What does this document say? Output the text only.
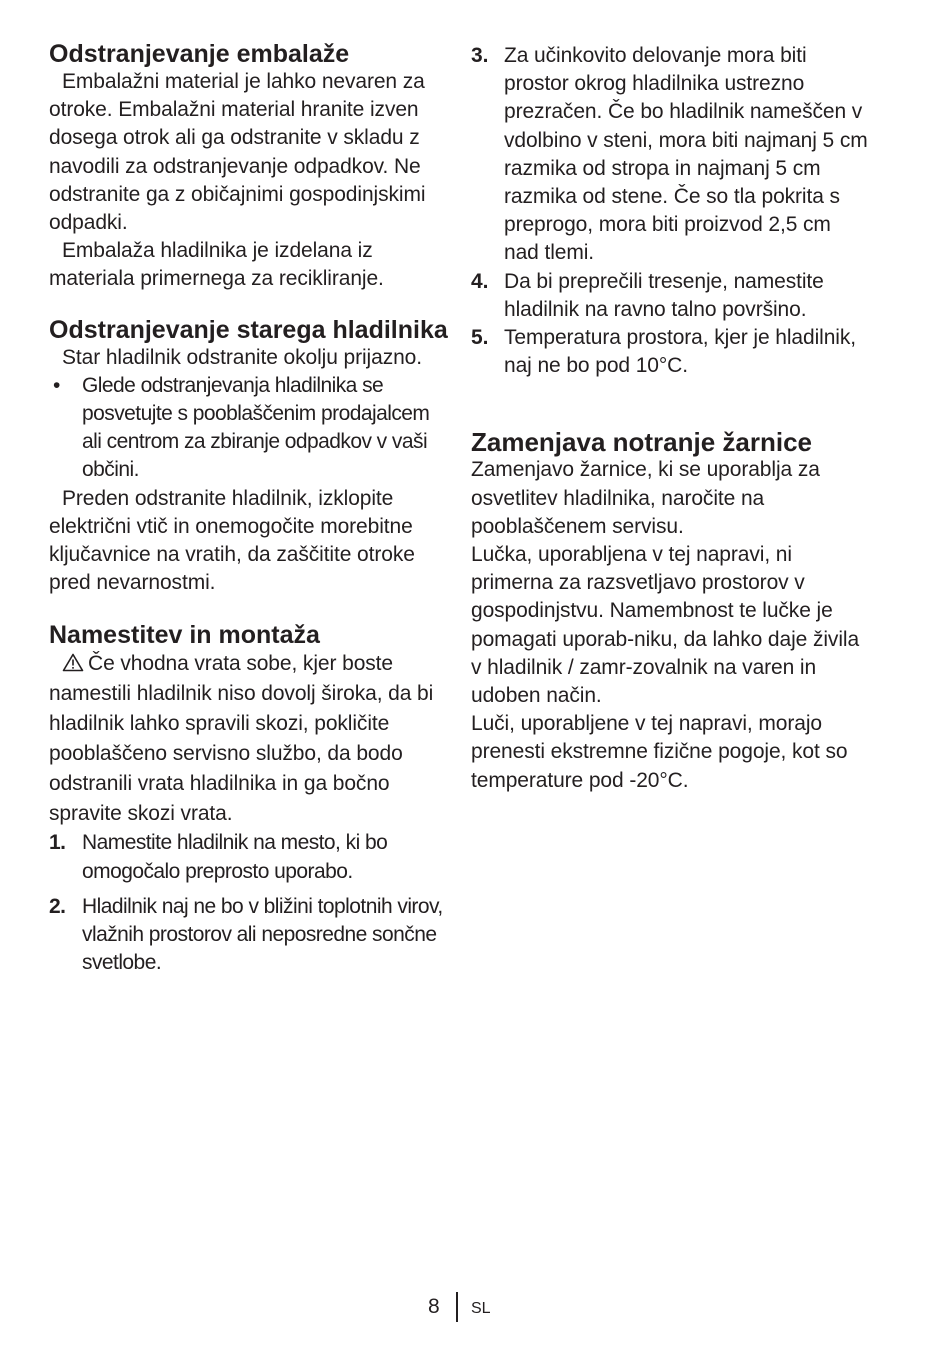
Odstranjevanje embalaže

Embalažni material je lahko nevaren za otroke. Embalažni material hranite izven dosega otrok ali ga odstranite v skladu z navodili za odstranjevanje odpadkov. Ne odstranite ga z običajnimi gospodinjskimi odpadki.

Embalaža hladilnika je izdelana iz materiala primernega za recikliranje.

Odstranjevanje starega hladilnika

Star hladilnik odstranite okolju prijazno.

•	Glede odstranjevanja hladilnika se posvetujte s pooblaščenim prodajalcem ali centrom za zbiranje odpadkov v vaši občini.

Preden odstranite hladilnik, izklopite električni vtič in onemogočite morebitne ključavnice na vratih, da zaščitite otroke pred nevarnostmi.

Namestitev in montaža

Če vhodna vrata sobe, kjer boste namestili hladilnik niso dovolj široka, da bi hladilnik lahko spravili skozi, pokličite pooblaščeno servisno službo, da bodo odstranili vrata hladilnika in ga bočno spravite skozi vrata.

1. Namestite hladilnik na mesto, ki bo omogočalo preprosto uporabo.
2. Hladilnik naj ne bo v bližini toplotnih virov, vlažnih prostorov ali neposredne sončne svetlobe.
3. Za učinkovito delovanje mora biti prostor okrog hladilnika ustrezno prezračen. Če bo hladilnik nameščen v vdolbino v steni, mora biti najmanj 5 cm razmika od stropa in najmanj 5 cm razmika od stene. Če so tla pokrita s preprogo, mora biti proizvod 2,5 cm nad tlemi.
4. Da bi preprečili tresenje, namestite hladilnik na ravno talno površino.
5. Temperatura prostora, kjer je hladilnik, naj ne bo pod 10°C.
Zamenjava notranje žarnice

Zamenjavo žarnice, ki se uporablja za osvetlitev hladilnika, naročite na pooblaščenem servisu.

Lučka, uporabljena v tej napravi, ni primerna za razsvetljavo prostorov v gospodinjstvu. Namembnost te lučke je pomagati uporab-niku, da lahko daje živila v hladilnik / zamr-zovalnik na varen in udoben način.

Luči, uporabljene v tej napravi, morajo prenesti ekstremne fizične pogoje, kot so temperature pod -20°C.

8 SL
